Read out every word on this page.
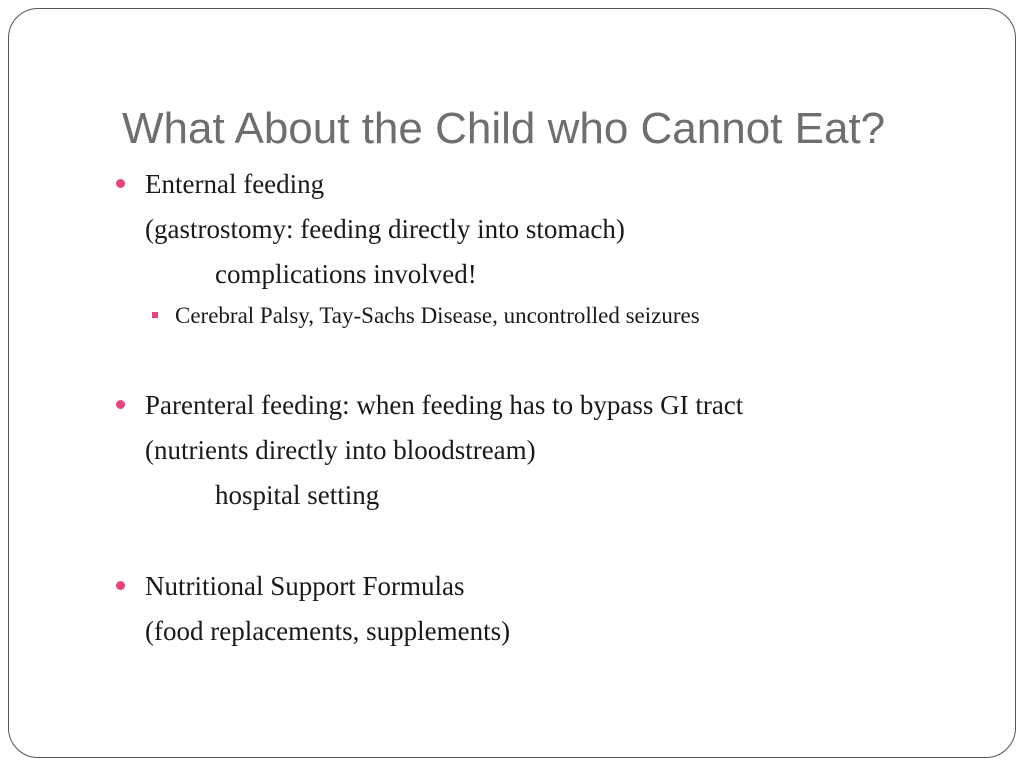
What About the Child who Cannot Eat?
Enternal feeding
(gastrostomy: feeding directly into stomach)
complications involved!
Cerebral Palsy, Tay-Sachs Disease, uncontrolled seizures
Parenteral feeding: when feeding has to bypass GI tract
(nutrients directly into bloodstream)
hospital setting
Nutritional Support Formulas
(food replacements, supplements)
